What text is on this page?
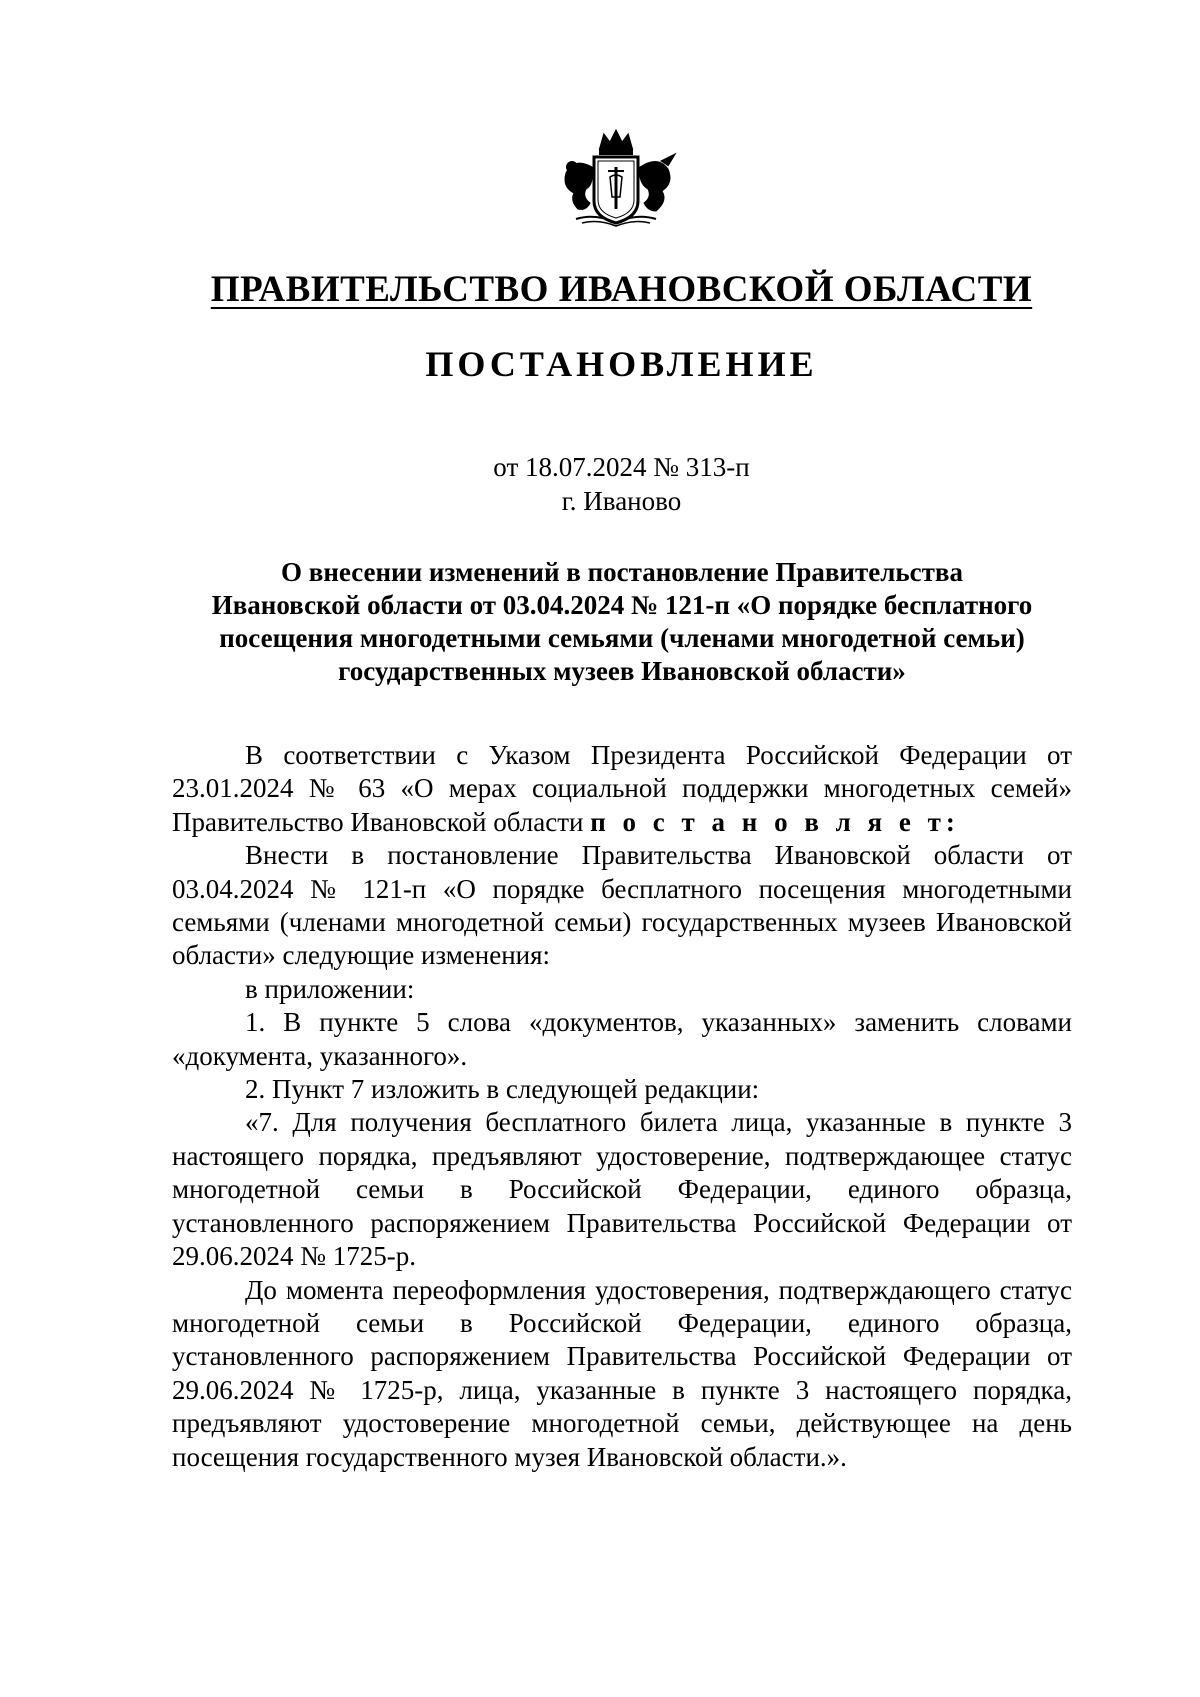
ПРАВИТЕЛЬСТВО ИВАНОВСКОЙ ОБЛАСТИ
ПОСТАНОВЛЕНИЕ
от 18.07.2024 № 313-п
г. Иваново
О внесении изменений в постановление Правительства
Ивановской области от 03.04.2024 № 121-п «О порядке бесплатного
посещения многодетными семьями (членами многодетной семьи)
государственных музеев Ивановской области»

В соответствии с Указом Президента Российской Федерации от 23.01.2024 № 63 «О мерах социальной поддержки многодетных семей» Правительство Ивановской области п о с т а н о в л я е т:

Внести в постановление Правительства Ивановской области от 03.04.2024 № 121-п «О порядке бесплатного посещения многодетными семьями (членами многодетной семьи) государственных музеев Ивановской области» следующие изменения:

в приложении:

1. В пункте 5 слова «документов, указанных» заменить словами «документа, указанного».

2. Пункт 7 изложить в следующей редакции:

«7. Для получения бесплатного билета лица, указанные в пункте 3 настоящего порядка, предъявляют удостоверение, подтверждающее статус многодетной семьи в Российской Федерации, единого образца, установленного распоряжением Правительства Российской Федерации от 29.06.2024 № 1725-р.

До момента переоформления удостоверения, подтверждающего статус многодетной семьи в Российской Федерации, единого образца, установленного распоряжением Правительства Российской Федерации от 29.06.2024 № 1725-р, лица, указанные в пункте 3 настоящего порядка, предъявляют удостоверение многодетной семьи, действующее на день посещения государственного музея Ивановской области.».
